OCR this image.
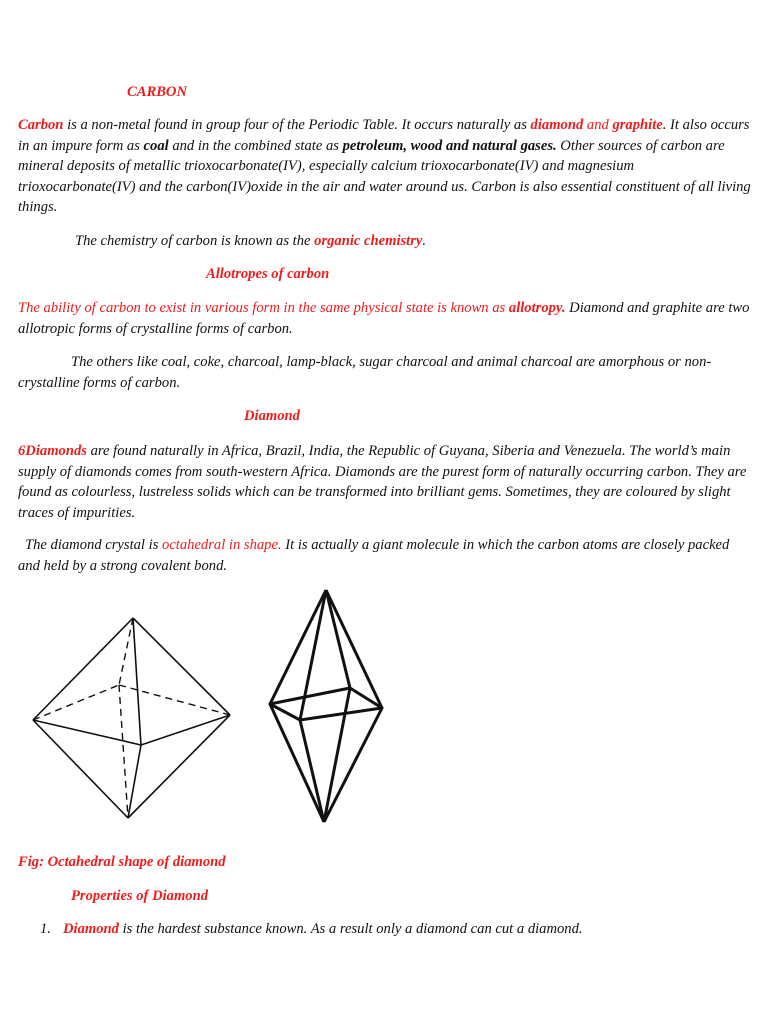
CARBON

Carbon is a non-metal found in group four of the Periodic Table. It occurs naturally as diamond and graphite. It also occurs in an impure form as coal and in the combined state as petroleum, wood and natural gases. Other sources of carbon are mineral deposits of metallic trioxocarbonate(IV), especially calcium trioxocarbonate(IV) and magnesium trioxocarbonate(IV) and the carbon(IV)oxide in the air and water around us. Carbon is also essential constituent of all living things.

The chemistry of carbon is known as the organic chemistry.

Allotropes of carbon

The ability of carbon to exist in various form in the same physical state is known as allotropy. Diamond and graphite are two allotropic forms of crystalline forms of carbon.

The others like coal, coke, charcoal, lamp-black, sugar charcoal and animal charcoal are amorphous or non-crystalline forms of carbon.

Diamond

6Diamonds are found naturally in Africa, Brazil, India, the Republic of Guyana, Siberia and Venezuela. The world’s main supply of diamonds comes from south-western Africa. Diamonds are the purest form of naturally occurring carbon. They are found as colourless, lustreless solids which can be transformed into brilliant gems. Sometimes, they are coloured by slight traces of impurities.

The diamond crystal is octahedral in shape. It is actually a giant molecule in which the carbon atoms are closely packed and held by a strong covalent bond.

Fig: Octahedral shape of diamond

Properties of Diamond

1. Diamond is the hardest substance known. As a result only a diamond can cut a diamond.
